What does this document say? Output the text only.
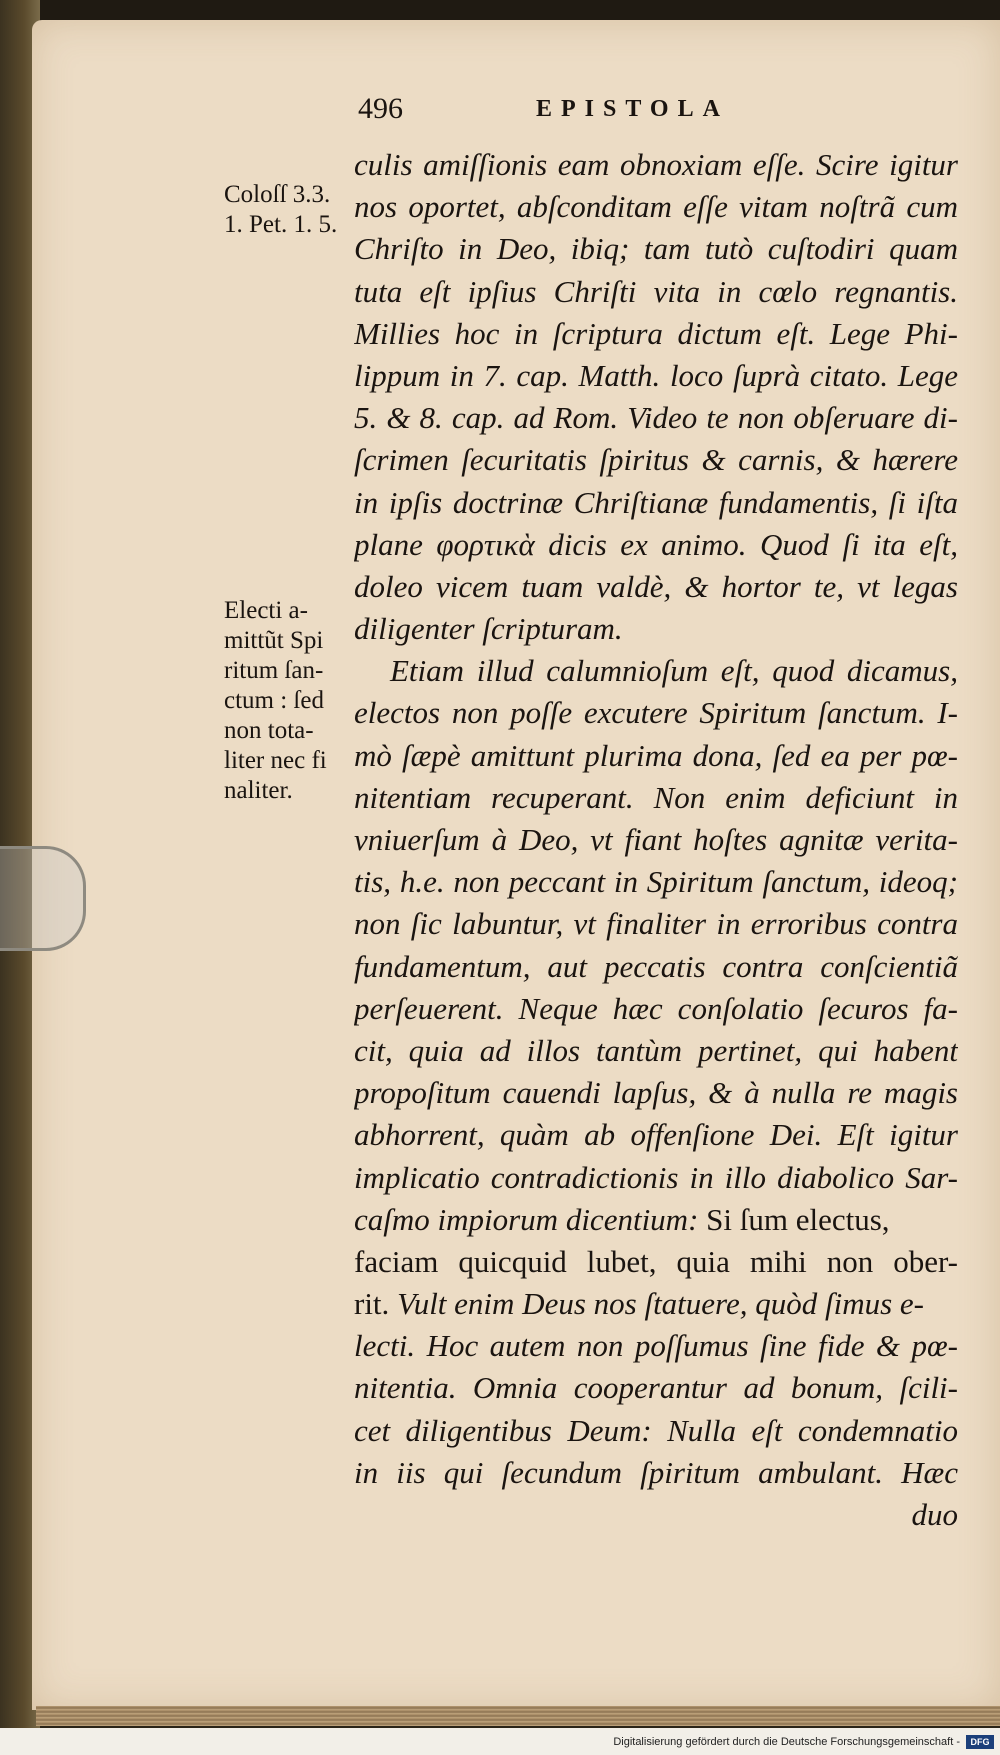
496	EPISTOLA
Coloſſ 3.3.
1. Pet. 1. 5.
Electi a-
mittũt Spi
ritum ſan-
ctum : ſed
non tota-
liter nec fi
naliter.
culis amiſſionis eam obnoxiam eſſe. Scire igitur
nos oportet, abſconditam eſſe vitam noſtrã cum
Chriſto in Deo, ibiq; tam tutò cuſtodiri quam
tuta eſt ipſius Chriſti vita in cœlo regnantis.
Millies hoc in ſcriptura dictum eſt. Lege Phi-
lippum in 7. cap. Matth. loco ſuprà citato. Lege
5. & 8. cap. ad Rom. Video te non obſeruare di-
ſcrimen ſecuritatis ſpiritus & carnis, & hærere
in ipſis doctrinæ Chriſtianæ fundamentis, ſi iſta
plane φορτικὰ dicis ex animo. Quod ſi ita eſt,
doleo vicem tuam valdè, & hortor te, vt legas
diligenter ſcripturam.
Etiam illud calumnioſum eſt, quod dicamus,
electos non poſſe excutere Spiritum ſanctum. I-
mò ſæpè amittunt plurima dona, ſed ea per pœ-
nitentiam recuperant. Non enim deficiunt in
vniuerſum à Deo, vt fiant hoſtes agnitæ verita-
tis, h.e. non peccant in Spiritum ſanctum, ideoq;
non ſic labuntur, vt finaliter in erroribus contra
fundamentum, aut peccatis contra conſcientiã
perſeuerent. Neque hæc conſolatio ſecuros fa-
cit, quia ad illos tantùm pertinet, qui habent
propoſitum cauendi lapſus, & à nulla re magis
abhorrent, quàm ab offenſione Dei. Eſt igitur
implicatio contradictionis in illo diabolico Sar-
caſmo impiorum dicentium: Si ſum electus,
faciam quicquid lubet, quia mihi non ober-
rit. Vult enim Deus nos ſtatuere, quòd ſimus e-
lecti. Hoc autem non poſſumus ſine fide & pœ-
nitentia. Omnia cooperantur ad bonum, ſcili-
cet diligentibus Deum: Nulla eſt condemnatio
in iis qui ſecundum ſpiritum ambulant. Hæc
duo
Digitalisierung gefördert durch die Deutsche Forschungsgemeinschaft -	DFG
